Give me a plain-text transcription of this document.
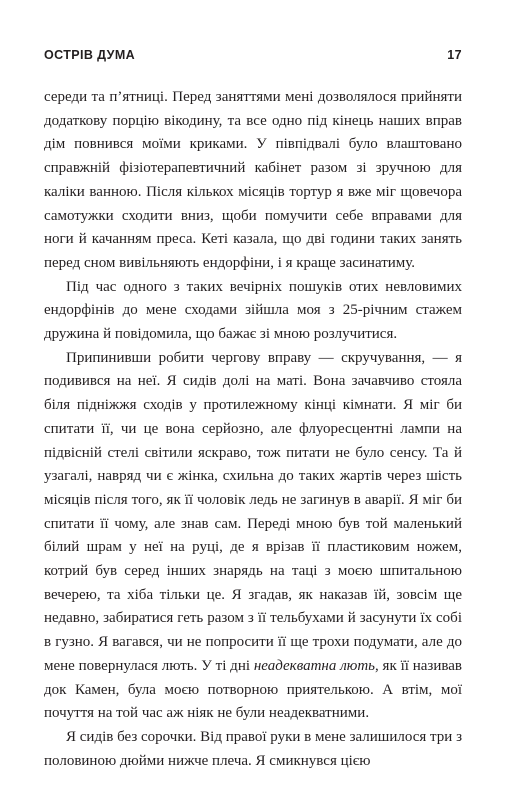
ОСТРІВ ДУМА	17

середи та п’ятниці. Перед заняттями мені дозволялося прийняти додаткову порцію вікодину, та все одно під кінець наших вправ дім повнився моїми криками. У півпідвалі було влаштовано справжній фізіотерапевтичний кабінет разом зі зручною для каліки ванною. Після кількох місяців тортур я вже міг щовечора самотужки сходити вниз, щоби помучити себе вправами для ноги й качанням преса. Кеті казала, що дві години таких занять перед сном вивільняють ендорфіни, і я краще засинатиму.

Під час одного з таких вечірніх пошуків отих невловимих ендорфінів до мене сходами зійшла моя з 25-річним стажем дружина й повідомила, що бажає зі мною розлучитися.

Припинивши робити чергову вправу — скручування, — я подивився на неї. Я сидів долі на маті. Вона зачавчиво стояла біля підніжжя сходів у протилежному кінці кімнати. Я міг би спитати її, чи це вона серйозно, але флуоресцентні лампи на підвісній стелі світили яскраво, тож питати не було сенсу. Та й узагалі, навряд чи є жінка, схильна до таких жартів через шість місяців після того, як її чоловік ледь не загинув в аварії. Я міг би спитати її чому, але знав сам. Переді мною був той маленький білий шрам у неї на руці, де я врізав її пластиковим ножем, котрий був серед інших знарядь на таці з моєю шпитальною вечерею, та хіба тільки це. Я згадав, як наказав їй, зовсім ще недавно, забиратися геть разом з її тельбухами й засунути їх собі в гузно. Я вагався, чи не попросити її ще трохи подумати, але до мене повернулася лють. У ті дні неадекватна лють, як її називав док Камен, була моєю потворною приятелькою. А втім, мої почуття на той час аж ніяк не були неадекватними.

Я сидів без сорочки. Від правої руки в мене залишилося три з половиною дюйми нижче плеча. Я смикнувся цією
